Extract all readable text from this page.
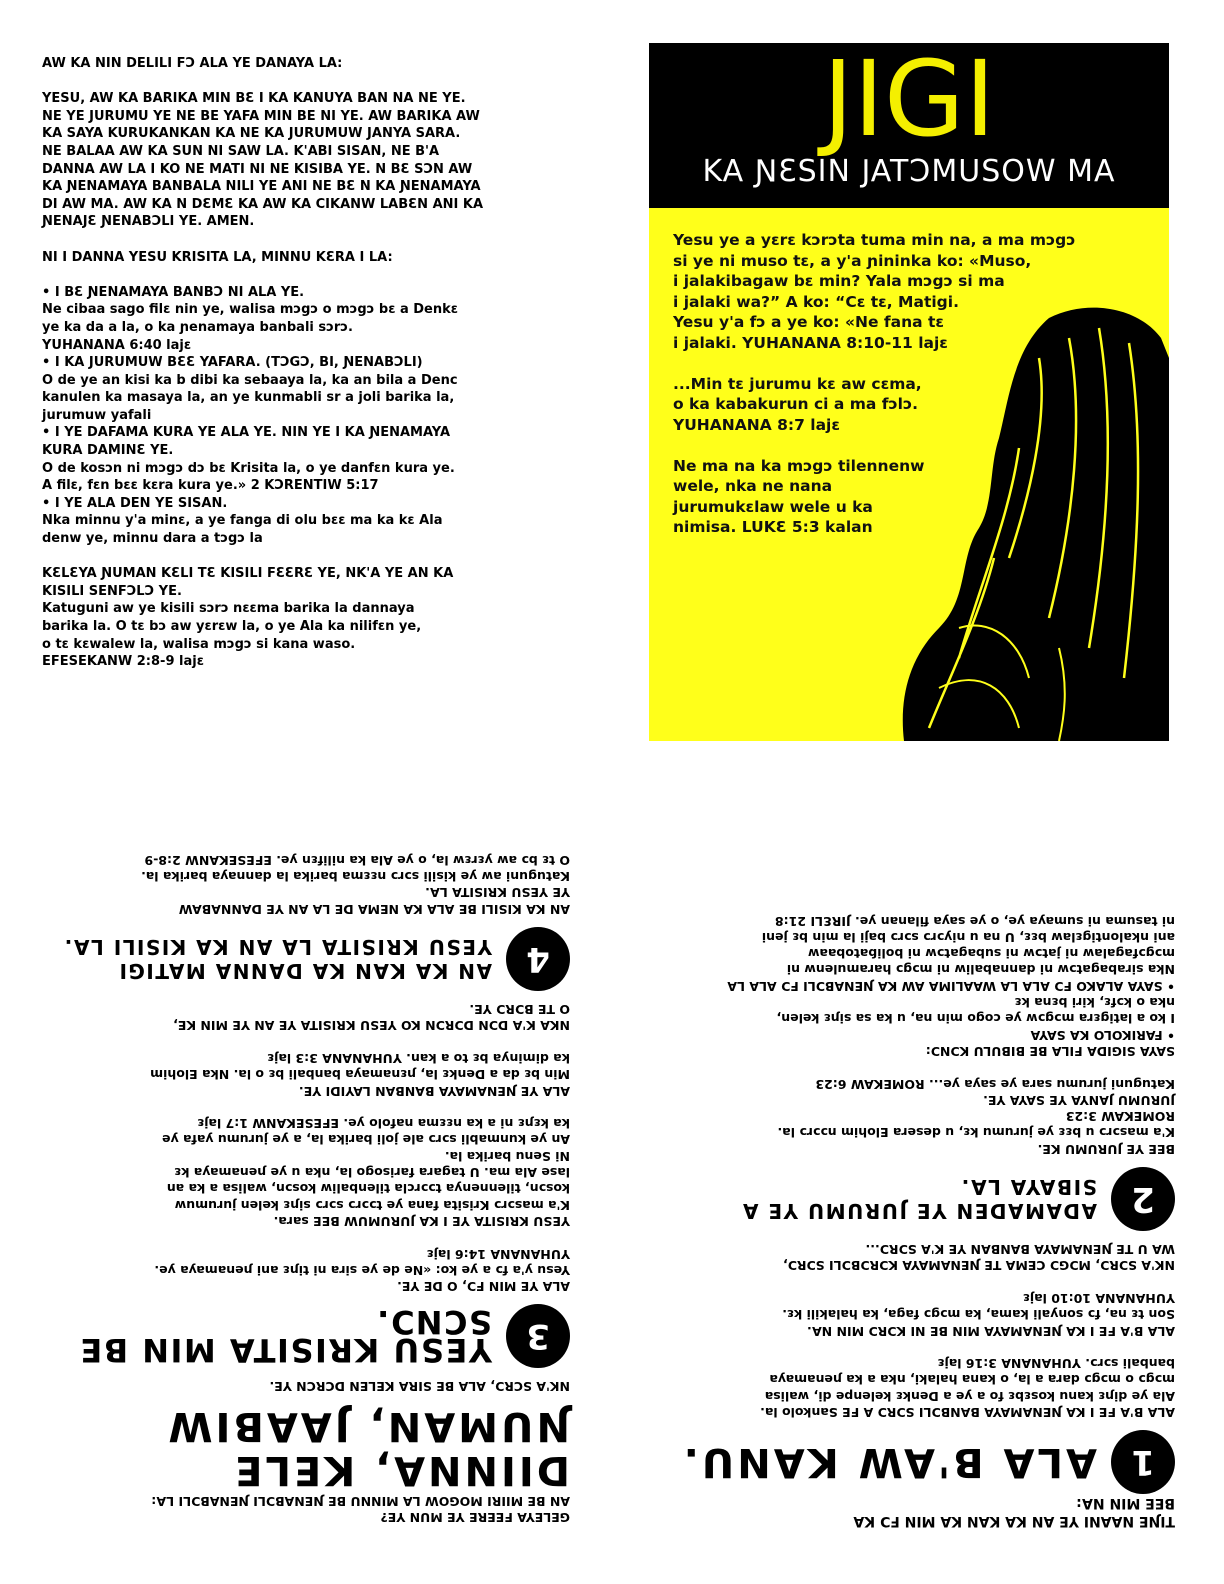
AW KA NIN DELILI FƆ ALA YE DANAYA LA:

YESU, AW KA BARIKA MIN BƐ I KA KANUYA BAN NA NE YE.
NE YE JURUMU YE NE BE YAFA MIN BE NI YE. AW BARIKA AW
KA SAYA KURUKANKAN KA NE KA JURUMUW JANYA SARA.
NE BALAA AW KA SUN NI SAW LA. K'ABI SISAN, NE B'A
DANNA AW LA I KO NE MATI NI NE KISIBA YE. N BƐ SƆN AW
KA ƝENAMAYA BANBALA NILI YE ANI NE BƐ N KA ƝENAMAYA
DI AW MA. AW KA N DƐMƐ KA AW KA CIKANW LABƐN ANI KA
ƝENAJƐ ƝENABƆLI YE. AMEN.

NI I DANNA YESU KRISITA LA, MINNU KƐRA I LA:

• I BƐ ƝENAMAYA BANBƆ NI ALA YE.
Ne cibaa sago filɛ nin ye, walisa mɔgɔ o mɔgɔ bɛ a Denkɛ
ye ka da a la, o ka ɲenamaya banbali sɔrɔ.
YUHANANA 6:40 lajɛ
• I KA JURUMUW BƐƐ YAFARA. (TƆGƆ, BI, ƝENABƆLI)
O de ye an kisi ka b dibi ka sebaaya la, ka an bila a Denc
kanulen ka masaya la, an ye kunmabli sr a joli barika la,
jurumuw yafali
• I YE DAFAMA KURA YE ALA YE. NIN YE I KA ƝENAMAYA
KURA DAMINƐ YE.
O de kosɔn ni mɔgɔ dɔ bɛ Krisita la, o ye danfɛn kura ye.
A filɛ, fɛn bɛɛ kɛra kura ye.» 2 KƆRENTIW 5:17
• I YE ALA DEN YE SISAN.
Nka minnu y'a minɛ, a ye fanga di olu bɛɛ ma ka kɛ Ala
denw ye, minnu dara a tɔgɔ la

KƐLƐYA ƝUMAN KƐLI TƐ KISILI FƐƐRƐ YE, NK'A YE AN KA
KISILI SENFƆLƆ YE.
Katuguni aw ye kisili sɔrɔ nɛɛma barika la dannaya
barika la. O tɛ bɔ aw yɛrɛw la, o ye Ala ka nilifɛn ye,
o tɛ kɛwalew la, walisa mɔgɔ si kana waso.
EFESEKANW 2:8-9 lajɛ

JIGI
KA ƝƐSIN JATƆMUSOW MA
Yesu ye a yɛrɛ kɔrɔta tuma min na, a ma mɔgɔ
si ye ni muso tɛ, a y'a ɲininka ko: «Muso,
i jalakibagaw bɛ min? Yala mɔgɔ si ma
i jalaki wa?” A ko: “Cɛ tɛ, Matigi.
Yesu y'a fɔ a ye ko: «Ne fana tɛ
i jalaki. YUHANANA 8:10-11 lajɛ

...Min tɛ jurumu kɛ aw cɛma,
o ka kabakurun ci a ma fɔlɔ.
YUHANANA 8:7 lajɛ

Ne ma na ka mɔgɔ tilennenw
wele, nka ne nana
jurumukɛlaw wele u ka
nimisa. LUKƐ 5:3 kalan

GELEYA FEERE YE MUN YE?
AN BE MIIRI MOGOW LA MINNU BE ƝENABƆLI ƝENABƆLI LA:

DIINNA, KELE ƝUMAN, JAABIW

NK'A SCRƆ, ALA BE SIRA KELEN DCRCN YE.

3
YESU KRISITA MIN BE SCNƆ.

ALA YE MIN FƆ, O DE YE.
Yesu y'a fɔ a ye ko: «Ne de ye sira ni tiɲɛ ani ɲenamaya ye.
YUHANANA 14:6 lajɛ

YESU KRISITA YE I KA JURUMUW BEE sara.
K'a masɔrɔ Krisita fana ye tɔɔrɔ sɔrɔ siɲɛ kelen jurumuw
kosɔn, tilennenya tɔɔrcla tilenbaliw kosɔn, walisa a ka an
lase Ala ma. U tagara farisogo la, nka u ye ɲenamaya kɛ
Ni Senu barika la.
An ye kunmabli sɔrɔ ale joli barika la, a ye jurumu yafa ye
ka kɛɲɛ ni a ka nɛɛma nafolo ye. EFESEKANW 1:7 lajɛ

ALA YE ƝENAMAYA BANBAN LAYIDI YE.
Min bɛ da a Denkɛ la, ɲɛnamaya banbali bɛ o la. Nka Elohim
ka diminya bɛ to a kan. YUHANANA 3:3 lajɛ

NKA K'A DƆN DƆRƆN KO YESU KRISITA YE AN YE MIN KE,
O TE BƆRƆ YE.

4
AN KA KAN KA DANNA MATIGI
YESU KRISITA LA AN KA KISILI LA.

AN KA KISILI BE ALA KA NEMA DE LA AN YE DANNABAW
YE YESU KRISITA LA.
Katuguni aw ye kisili sɔrɔ nɛɛma barika la dannaya barika la.
O tɛ bɔ aw yɛrɛw la, o ye Ala ka nilifɛn ye. EFESEKANW 2:8-9

TIƝE NAANI YE AN KA KAN KA MIN FƆ KA
BEE MIN NA:

1
ALA B'AW KANU.

ALA B'A FE I KA ƝENAMAYA BANBƆLI SƆRƆ A FE Sankolo la.
Ala ye diɲɛ kanu kosɛbɛ fo a ye a Denkɛ kelenpe di, walisa
mɔgɔ o mɔgɔ dara a la, o kana halaki, nka a ka ɲenamaya
banbali sɔrɔ. YUHANANA 3:16 lajɛ

ALA B'A FE I KA ƝENAMAYA MIN BE NI KƆRƆ MIN NA.
Son tɛ na, fɔ sonyali kama, ka mɔgɔ faga, ka halakili kɛ.
YUHANANA 10:10 lajɛ

NK'A SƆRƆ, MƆGƆ CEMA TE ƝENAMAYA KƆRƆBƆLI SƆRƆ,
WA U TE ƝENAMAYA BANBAN YE K'A SƆRƆ...

2
ADAMADEN YE JURUMU YE A
SIBAYA LA.

BEE YE JURUMU KE.
K'a masɔrɔ u bɛɛ ye jurumu kɛ, u desera Elohim nɔɔrɔ la.
ROMEKAW 3:23
JURUMU JANYA YE SAYA YE.
Katuguni jurumu sara ye saya ye... ROMEKAW 6:23

SAYA SIGIDA FILA BE BIBULU KƆNƆ:
• FARIKOLO KA SAYA
I ko a latigɛra mɔgɔw ye cogo min na, u ka sa siɲɛ kelen,
nka o kɔfɛ, kiri bɛna kɛ
• SAYA ALAKO FƆ ALA LA WAALIMA AW KA ƝENABƆLI FƆ ALA LA
Nka sirabagatɔw ni dannabaliw ni mɔgɔ haramulenw ni
mɔgɔfagalaw ni jatɔw ni subagatɔw ni boliɓatobaaw
ani nkalontigɛlaw bɛɛ, U na u niyɔrɔ sɔrɔ baji la min bɛ jeni
ni tasuma ni sumaya ye, o ye saya filanan ye. JIRƐLI 21:8
